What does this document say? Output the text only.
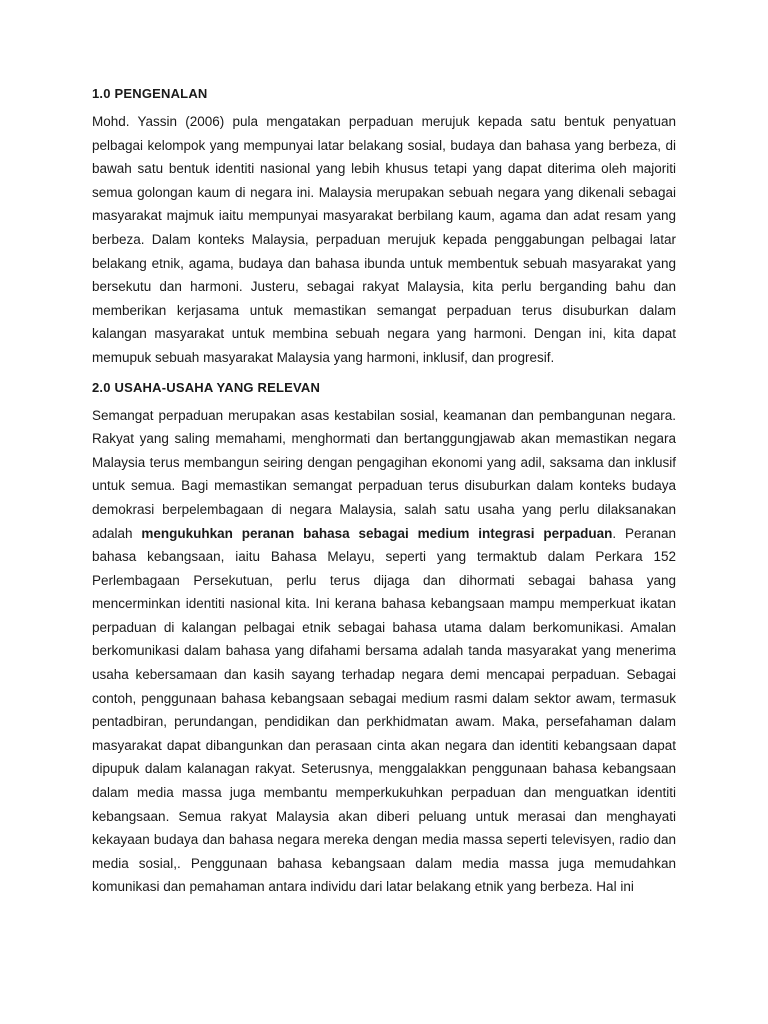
1.0 PENGENALAN

Mohd. Yassin (2006) pula mengatakan perpaduan merujuk kepada satu bentuk penyatuan pelbagai kelompok yang mempunyai latar belakang sosial, budaya dan bahasa yang berbeza, di bawah satu bentuk identiti nasional yang lebih khusus tetapi yang dapat diterima oleh majoriti semua golongan kaum di negara ini. Malaysia merupakan sebuah negara yang dikenali sebagai masyarakat majmuk iaitu mempunyai masyarakat berbilang kaum, agama dan adat resam yang berbeza. Dalam konteks Malaysia, perpaduan merujuk kepada penggabungan pelbagai latar belakang etnik, agama, budaya dan bahasa ibunda untuk membentuk sebuah masyarakat yang bersekutu dan harmoni. Justeru, sebagai rakyat Malaysia, kita perlu berganding bahu dan memberikan kerjasama untuk memastikan semangat perpaduan terus disuburkan dalam kalangan masyarakat untuk membina sebuah negara yang harmoni. Dengan ini, kita dapat memupuk sebuah masyarakat Malaysia yang harmoni, inklusif, dan progresif.

2.0 USAHA-USAHA YANG RELEVAN

Semangat perpaduan merupakan asas kestabilan sosial, keamanan dan pembangunan negara. Rakyat yang saling memahami, menghormati dan bertanggungjawab akan memastikan negara Malaysia terus membangun seiring dengan pengagihan ekonomi yang adil, saksama dan inklusif untuk semua. Bagi memastikan semangat perpaduan terus disuburkan dalam konteks budaya demokrasi berpelembagaan di negara Malaysia, salah satu usaha yang perlu dilaksanakan adalah mengukuhkan peranan bahasa sebagai medium integrasi perpaduan. Peranan bahasa kebangsaan, iaitu Bahasa Melayu, seperti yang termaktub dalam Perkara 152 Perlembagaan Persekutuan, perlu terus dijaga dan dihormati sebagai bahasa yang mencerminkan identiti nasional kita. Ini kerana bahasa kebangsaan mampu memperkuat ikatan perpaduan di kalangan pelbagai etnik sebagai bahasa utama dalam berkomunikasi. Amalan berkomunikasi dalam bahasa yang difahami bersama adalah tanda masyarakat yang menerima usaha kebersamaan dan kasih sayang terhadap negara demi mencapai perpaduan. Sebagai contoh, penggunaan bahasa kebangsaan sebagai medium rasmi dalam sektor awam, termasuk pentadbiran, perundangan, pendidikan dan perkhidmatan awam. Maka, persefahaman dalam masyarakat dapat dibangunkan dan perasaan cinta akan negara dan identiti kebangsaan dapat dipupuk dalam kalanagan rakyat. Seterusnya, menggalakkan penggunaan bahasa kebangsaan dalam media massa juga membantu memperkukuhkan perpaduan dan menguatkan identiti kebangsaan. Semua rakyat Malaysia akan diberi peluang untuk merasai dan menghayati kekayaan budaya dan bahasa negara mereka dengan media massa seperti televisyen, radio dan media sosial,. Penggunaan bahasa kebangsaan dalam media massa juga memudahkan komunikasi dan pemahaman antara individu dari latar belakang etnik yang berbeza. Hal ini
